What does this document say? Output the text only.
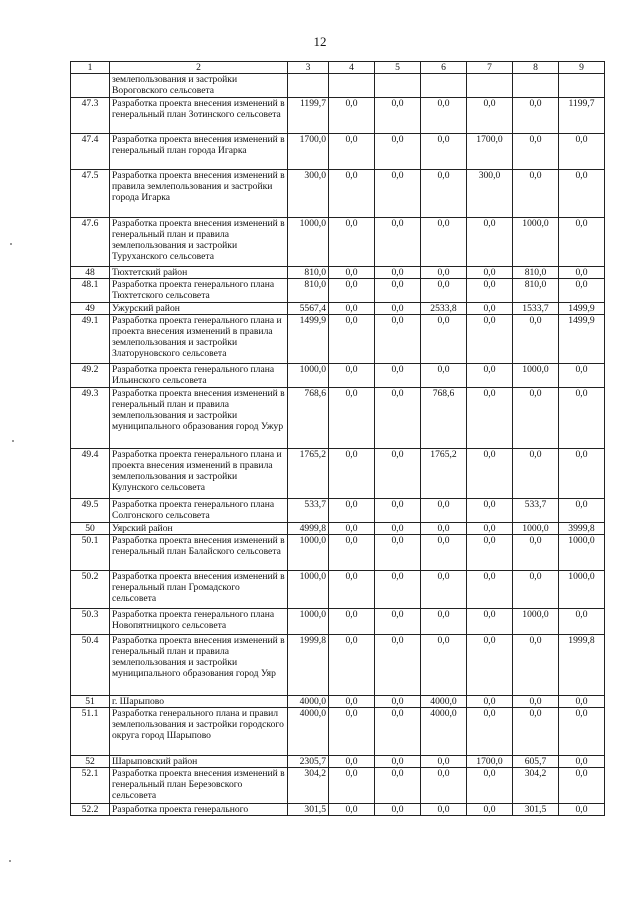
12
1	2	3	4	5	6	7	8	9
	землепользования и застройки Вороговского сельсовета							
47.3	Разработка проекта внесения изменений в генеральный план Зотинского сельсовета	1199,7	0,0	0,0	0,0	0,0	0,0	1199,7
47.4	Разработка проекта внесения изменений в генеральный план города Игарка	1700,0	0,0	0,0	0,0	1700,0	0,0	0,0
47.5	Разработка проекта внесения изменений в правила землепользования и застройки города Игарка	300,0	0,0	0,0	0,0	300,0	0,0	0,0
47.6	Разработка проекта внесения изменений в генеральный план и правила землепользования и застройки Туруханского сельсовета	1000,0	0,0	0,0	0,0	0,0	1000,0	0,0
48	Тюхтетский район	810,0	0,0	0,0	0,0	0,0	810,0	0,0
48.1	Разработка проекта генерального плана Тюхтетского сельсовета	810,0	0,0	0,0	0,0	0,0	810,0	0,0
49	Ужурский район	5567,4	0,0	0,0	2533,8	0,0	1533,7	1499,9
49.1	Разработка проекта генерального плана и проекта внесения изменений в правила землепользования и застройки Златоруновского сельсовета	1499,9	0,0	0,0	0,0	0,0	0,0	1499,9
49.2	Разработка проекта генерального плана Ильинского сельсовета	1000,0	0,0	0,0	0,0	0,0	1000,0	0,0
49.3	Разработка проекта внесения изменений в генеральный план и правила землепользования и застройки муниципального образования город Ужур	768,6	0,0	0,0	768,6	0,0	0,0	0,0
49.4	Разработка проекта генерального плана и проекта внесения изменений в правила землепользования и застройки Кулунского сельсовета	1765,2	0,0	0,0	1765,2	0,0	0,0	0,0
49.5	Разработка проекта генерального плана Солгонского сельсовета	533,7	0,0	0,0	0,0	0,0	533,7	0,0
50	Уярский район	4999,8	0,0	0,0	0,0	0,0	1000,0	3999,8
50.1	Разработка проекта внесения изменений в генеральный план Балайского сельсовета	1000,0	0,0	0,0	0,0	0,0	0,0	1000,0
50.2	Разработка проекта внесения изменений в генеральный план Громадского сельсовета	1000,0	0,0	0,0	0,0	0,0	0,0	1000,0
50.3	Разработка проекта генерального плана Новопятницкого сельсовета	1000,0	0,0	0,0	0,0	0,0	1000,0	0,0
50.4	Разработка проекта внесения изменений в генеральный план и правила землепользования и застройки муниципального образования город Уяр	1999,8	0,0	0,0	0,0	0,0	0,0	1999,8
51	г. Шарыпово	4000,0	0,0	0,0	4000,0	0,0	0,0	0,0
51.1	Разработка генерального плана и правил землепользования и застройки городского округа город Шарыпово	4000,0	0,0	0,0	4000,0	0,0	0,0	0,0
52	Шарыповский район	2305,7	0,0	0,0	0,0	1700,0	605,7	0,0
52.1	Разработка проекта внесения изменений в генеральный план Березовского сельсовета	304,2	0,0	0,0	0,0	0,0	304,2	0,0
52.2	Разработка проекта генерального	301,5	0,0	0,0	0,0	0,0	301,5	0,0
